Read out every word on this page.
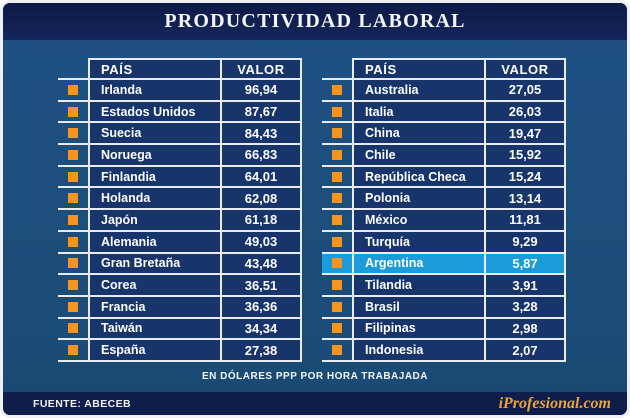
PRODUCTIVIDAD LABORAL
PAÍS	VALOR
Irlanda	96,94
Estados Unidos	87,67
Suecia	84,43
Noruega	66,83
Finlandia	64,01
Holanda	62,08
Japón	61,18
Alemania	49,03
Gran Bretaña	43,48
Corea	36,51
Francia	36,36
Taiwán	34,34
España	27,38
PAÍS	VALOR
Australia	27,05
Italia	26,03
China	19,47
Chile	15,92
República Checa	15,24
Polonia	13,14
México	11,81
Turquía	9,29
Argentina	5,87
Tilandia	3,91
Brasil	3,28
Filipinas	2,98
Indonesia	2,07
EN DÓLARES PPP POR HORA TRABAJADA
FUENTE: ABECEB	iProfesional.com
